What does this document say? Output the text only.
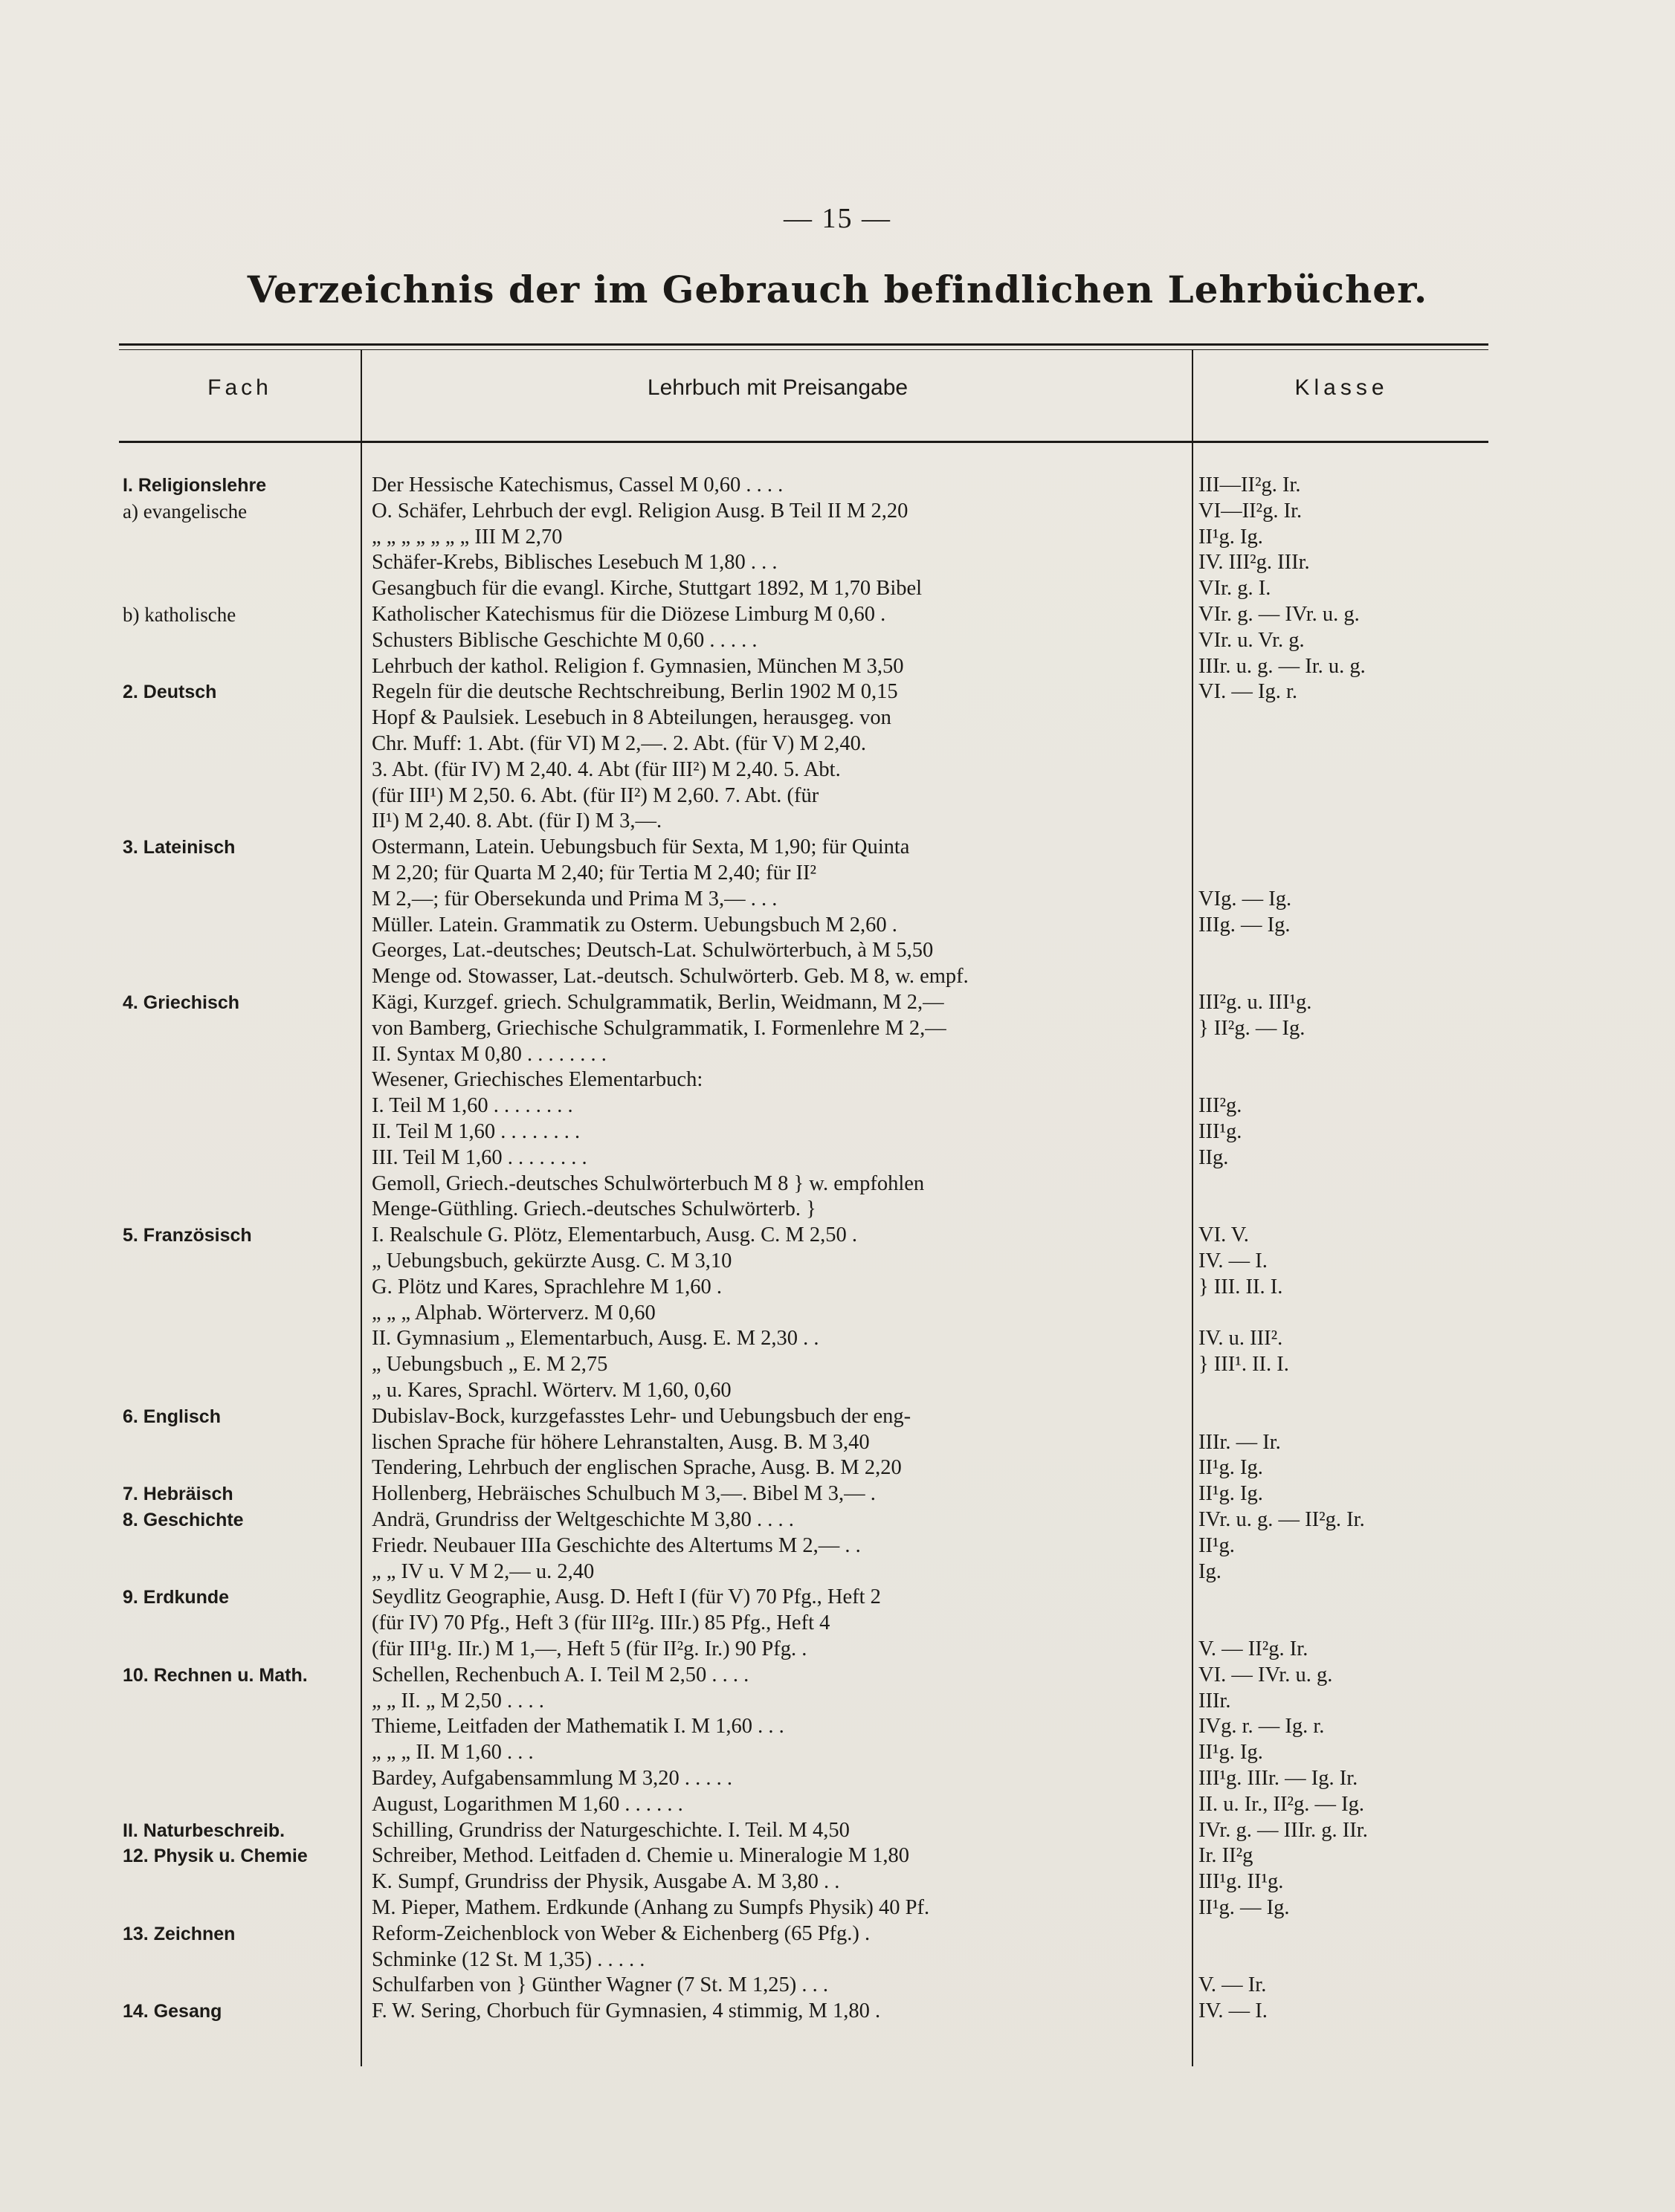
— 15 —
Verzeichnis der im Gebrauch befindlichen Lehrbücher.
Fach	Lehrbuch mit Preisangabe	Klasse
I. Religionslehre	Der Hessische Katechismus, Cassel M 0,60 . . . .	III—II²g. Ir.
a) evangelische	O. Schäfer, Lehrbuch der evgl. Religion Ausg. B Teil II M 2,20	VI—II²g. Ir.
„ „ „ „ „ „ „ III M 2,70	II¹g. Ig.
Schäfer-Krebs, Biblisches Lesebuch M 1,80 . . .	IV. III²g. IIIr.
Gesangbuch für die evangl. Kirche, Stuttgart 1892, M 1,70 Bibel	VIr. g. I.
b) katholische	Katholischer Katechismus für die Diözese Limburg M 0,60 .	VIr. g. — IVr. u. g.
Schusters Biblische Geschichte M 0,60 . . . . .	VIr. u. Vr. g.
Lehrbuch der kathol. Religion f. Gymnasien, München M 3,50	IIIr. u. g. — Ir. u. g.
2. Deutsch	Regeln für die deutsche Rechtschreibung, Berlin 1902 M 0,15	VI. — Ig. r.
Hopf & Paulsiek. Lesebuch in 8 Abteilungen, herausgeg. von
Chr. Muff: 1. Abt. (für VI) M 2,—. 2. Abt. (für V) M 2,40.
3. Abt. (für IV) M 2,40. 4. Abt (für III²) M 2,40. 5. Abt.
(für III¹) M 2,50. 6. Abt. (für II²) M 2,60. 7. Abt. (für
II¹) M 2,40. 8. Abt. (für I) M 3,—.
3. Lateinisch	Ostermann, Latein. Uebungsbuch für Sexta, M 1,90; für Quinta
M 2,20; für Quarta M 2,40; für Tertia M 2,40; für II²
M 2,—; für Obersekunda und Prima M 3,— . . .	VIg. — Ig.
Müller. Latein. Grammatik zu Osterm. Uebungsbuch M 2,60 .	IIIg. — Ig.
Georges, Lat.-deutsches; Deutsch-Lat. Schulwörterbuch, à M 5,50
Menge od. Stowasser, Lat.-deutsch. Schulwörterb. Geb. M 8, w. empf.
4. Griechisch	Kägi, Kurzgef. griech. Schulgrammatik, Berlin, Weidmann, M 2,—	III²g. u. III¹g.
von Bamberg, Griechische Schulgrammatik, I. Formenlehre M 2,—	} II²g. — Ig.
II. Syntax M 0,80 . . . . . . . .
Wesener, Griechisches Elementarbuch:
I. Teil M 1,60 . . . . . . . .	III²g.
II. Teil M 1,60 . . . . . . . .	III¹g.
III. Teil M 1,60 . . . . . . . .	IIg.
Gemoll, Griech.-deutsches Schulwörterbuch M 8 } w. empfohlen
Menge-Güthling. Griech.-deutsches Schulwörterb. }
5. Französisch	I. Realschule G. Plötz, Elementarbuch, Ausg. C. M 2,50 .	VI. V.
„ Uebungsbuch, gekürzte Ausg. C. M 3,10	IV. — I.
G. Plötz und Kares, Sprachlehre M 1,60 .	} III. II. I.
„ „ „ Alphab. Wörterverz. M 0,60
II. Gymnasium „ Elementarbuch, Ausg. E. M 2,30 . .	IV. u. III².
„ Uebungsbuch „ E. M 2,75	} III¹. II. I.
„ u. Kares, Sprachl. Wörterv. M 1,60, 0,60
6. Englisch	Dubislav-Bock, kurzgefasstes Lehr- und Uebungsbuch der eng-
lischen Sprache für höhere Lehranstalten, Ausg. B. M 3,40	IIIr. — Ir.
Tendering, Lehrbuch der englischen Sprache, Ausg. B. M 2,20	II¹g. Ig.
7. Hebräisch	Hollenberg, Hebräisches Schulbuch M 3,—. Bibel M 3,— .	II¹g. Ig.
8. Geschichte	Andrä, Grundriss der Weltgeschichte M 3,80 . . . .	IVr. u. g. — II²g. Ir.
Friedr. Neubauer IIIa Geschichte des Altertums M 2,— . .	II¹g.
„ „ IV u. V M 2,— u. 2,40	Ig.
9. Erdkunde	Seydlitz Geographie, Ausg. D. Heft I (für V) 70 Pfg., Heft 2
(für IV) 70 Pfg., Heft 3 (für III²g. IIIr.) 85 Pfg., Heft 4
(für III¹g. IIr.) M 1,—, Heft 5 (für II²g. Ir.) 90 Pfg. .	V. — II²g. Ir.
10. Rechnen u. Math.	Schellen, Rechenbuch A. I. Teil M 2,50 . . . .	VI. — IVr. u. g.
„ „ II. „ M 2,50 . . . .	IIIr.
Thieme, Leitfaden der Mathematik I. M 1,60 . . .	IVg. r. — Ig. r.
„ „ „ II. M 1,60 . . .	II¹g. Ig.
Bardey, Aufgabensammlung M 3,20 . . . . .	III¹g. IIIr. — Ig. Ir.
August, Logarithmen M 1,60 . . . . . .	II. u. Ir., II²g. — Ig.
II. Naturbeschreib.	Schilling, Grundriss der Naturgeschichte. I. Teil. M 4,50	IVr. g. — IIIr. g. IIr.
12. Physik u. Chemie	Schreiber, Method. Leitfaden d. Chemie u. Mineralogie M 1,80	Ir. II²g
K. Sumpf, Grundriss der Physik, Ausgabe A. M 3,80 . .	III¹g. II¹g.
M. Pieper, Mathem. Erdkunde (Anhang zu Sumpfs Physik) 40 Pf.	II¹g. — Ig.
13. Zeichnen	Reform-Zeichenblock von Weber & Eichenberg (65 Pfg.) .
Schminke (12 St. M 1,35) . . . . .
Schulfarben von } Günther Wagner (7 St. M 1,25) . . .	V. — Ir.
14. Gesang	F. W. Sering, Chorbuch für Gymnasien, 4 stimmig, M 1,80 .	IV. — I.
